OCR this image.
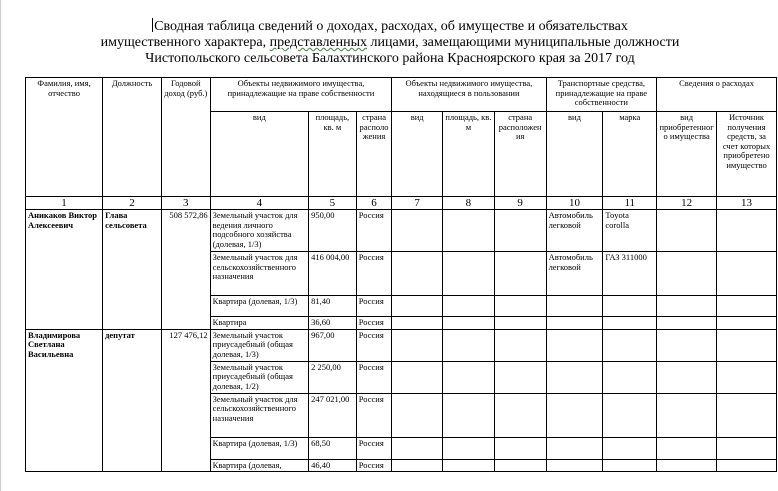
Сводная таблица сведений о доходах, расходах, об имуществе и обязательствах
имущественного характера, представленных лицами, замещающими муниципальные должности
Чистопольского сельсовета Балахтинского района Красноярского края за 2017 год
Фамилия, имя, отчество	Должность	Годовой доход (руб.)	Объекты недвижимого имущества, принадлежащие на праве собственности			Объекты недвижимого имущества, находящиеся в пользовании			Транспортные средства, принадлежащие на праве собственности		Сведения о расходах	
			вид	площадь, кв. м	страна расположения	вид	площадь, кв. м	страна расположения	вид	марка	вид приобретенного имущества	Источник получения средств, за счет которых приобретено имущество
1	2	3	4	5	6	7	8	9	10	11	12	13
Аникаков Виктор Алексеевич	Глава сельсовета	508 572,86	Земельный участок для ведения личного подсобного хозяйства (долевая, 1/3)	950,00	Россия				Автомобиль легковой	Toyota corolla		
			Земельный участок для сельскохозяйственного назначения	416 004,00	Россия				Автомобиль легковой	ГАЗ 311000		
			Квартира (долевая, 1/3)	81,40	Россия							
			Квартира	36,60	Россия							
Владимирова Светлана Васильевна	депутат	127 476,12	Земельный участок приусадебный (общая долевая, 1/3)	967,00	Россия							
			Земельный участок приусадебный (общая долевая, 1/2)	2 250,00	Россия							
			Земельный участок для сельскохозяйственного назначения	247 021,00	Россия							
			Квартира (долевая, 1/3)	68,50	Россия							
			Квартира (долевая,	46,40	Россия							
